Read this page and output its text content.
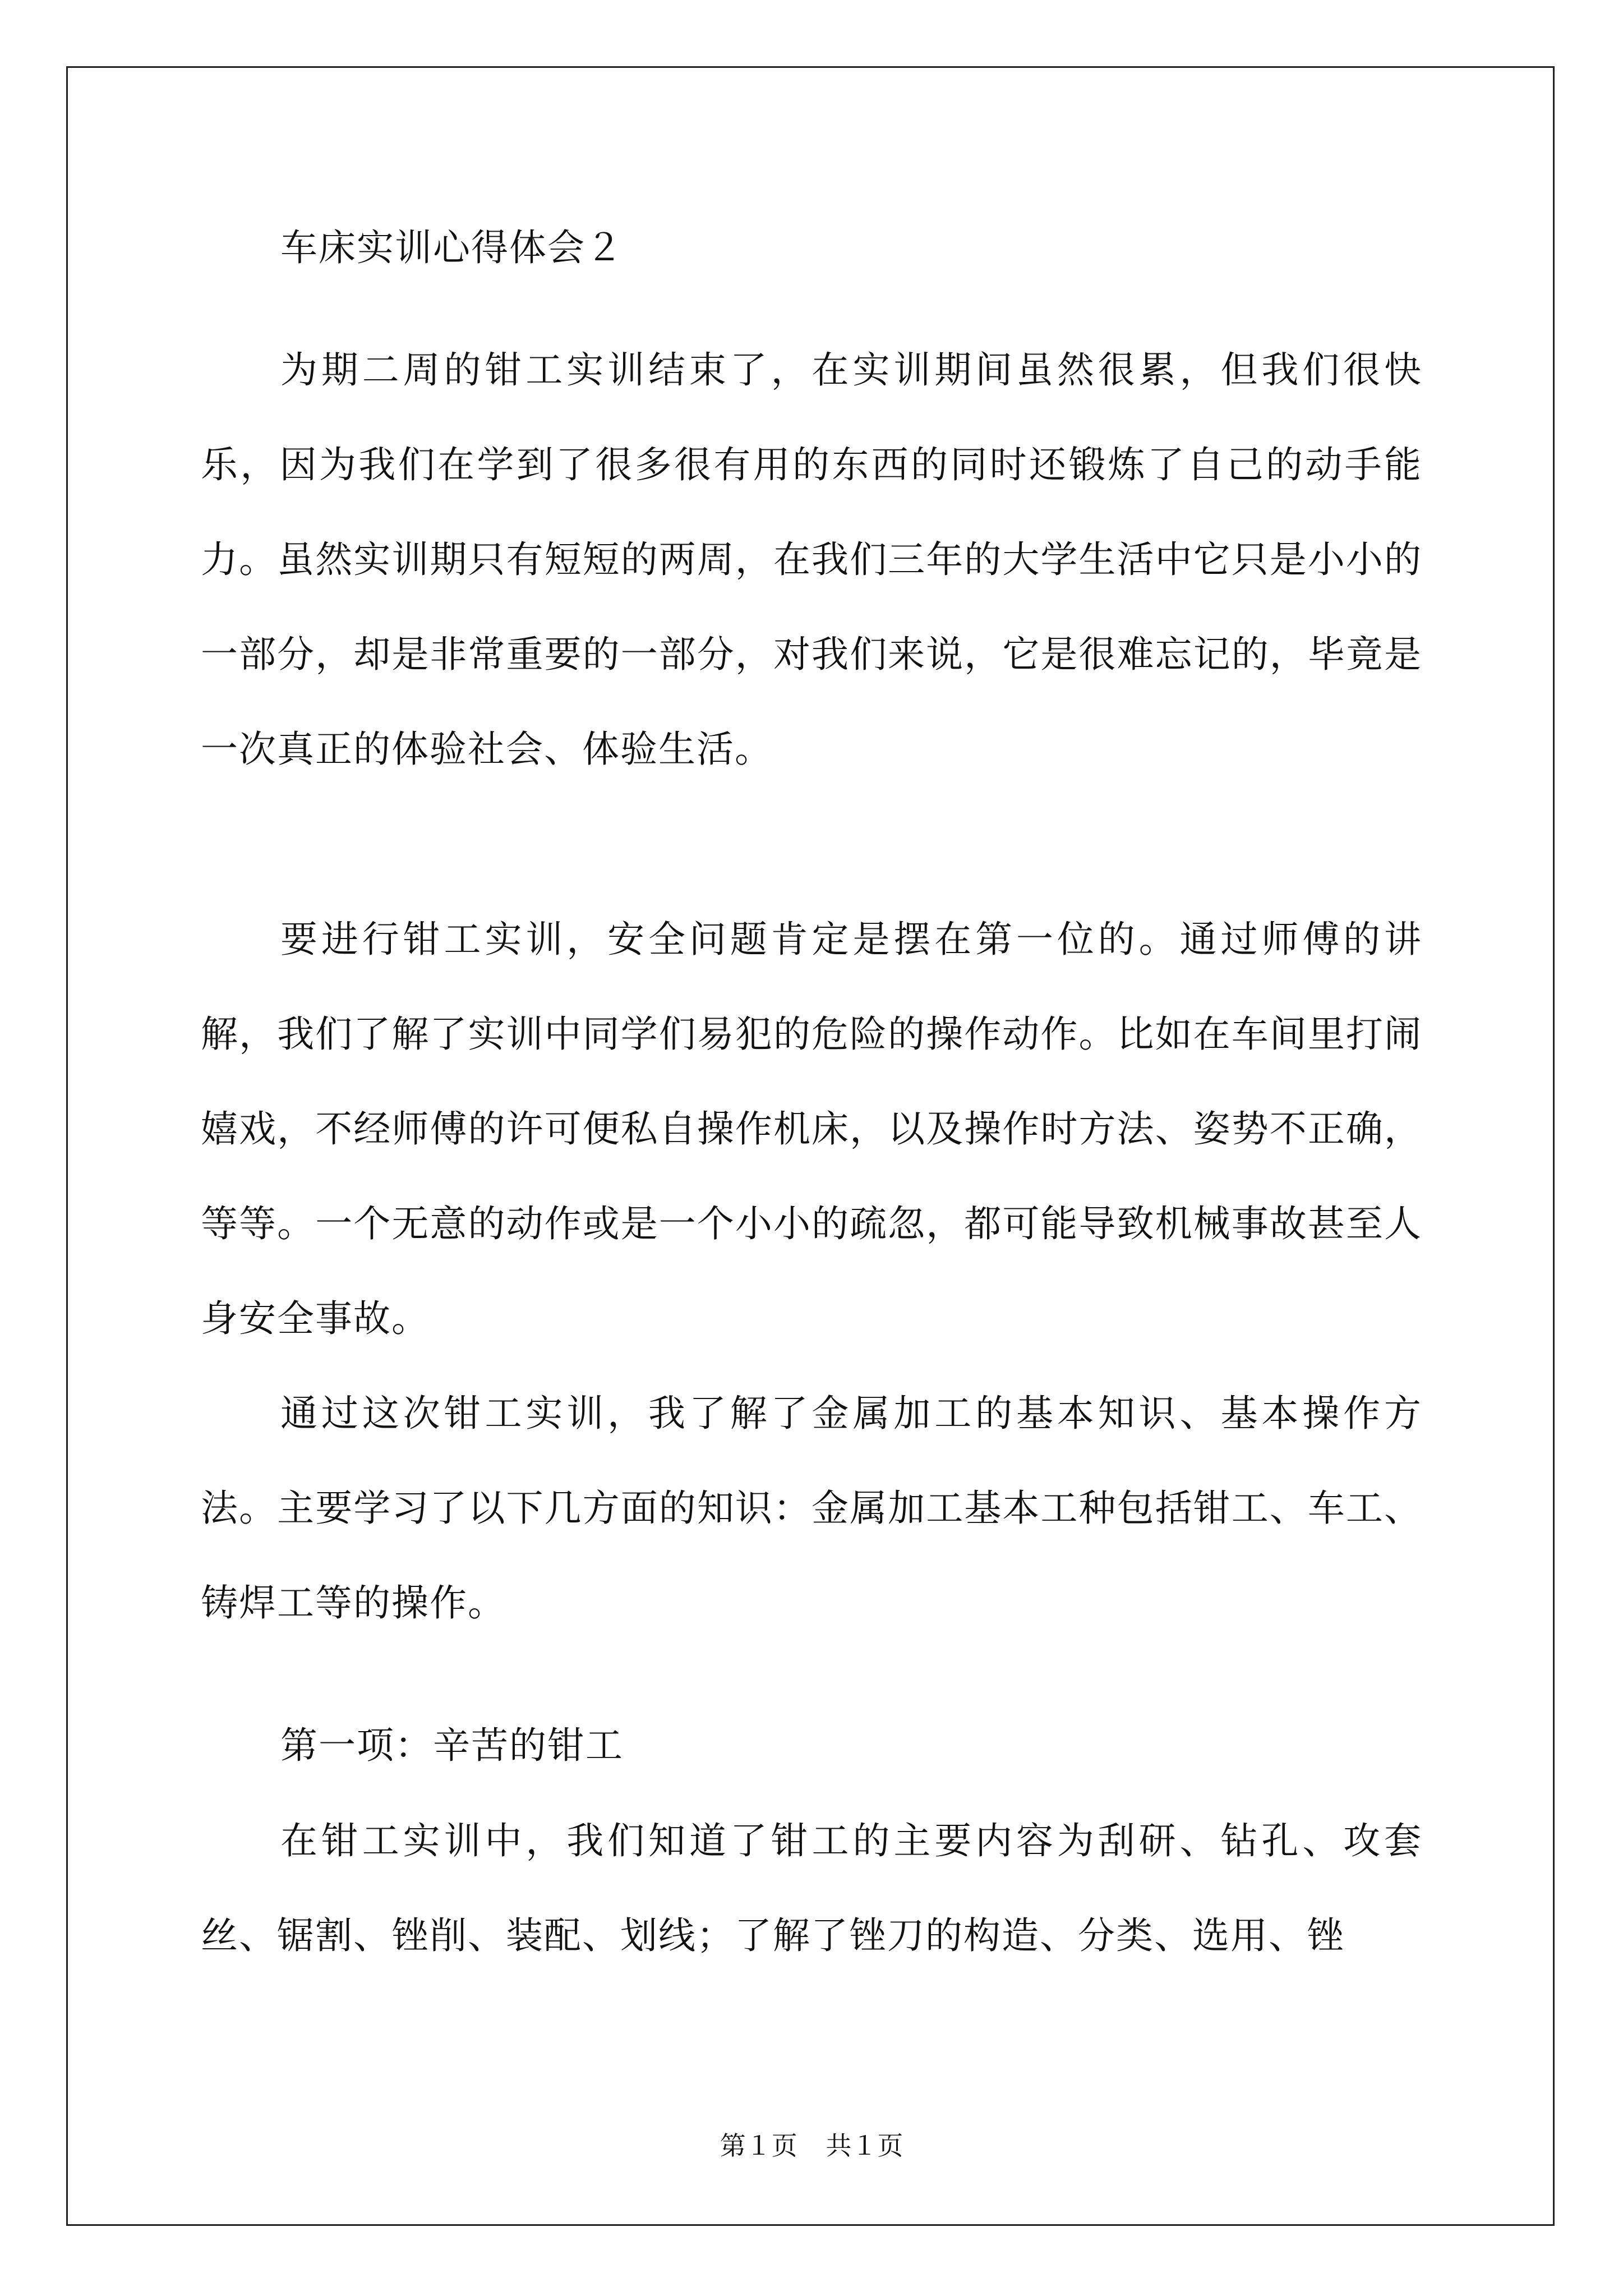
车床实训心得体会２

为期二周的钳工实训结束了，在实训期间虽然很累，但我们很快乐，因为我们在学到了很多很有用的东西的同时还锻炼了自己的动手能力。虽然实训期只有短短的两周，在我们三年的大学生活中它只是小小的一部分，却是非常重要的一部分，对我们来说，它是很难忘记的，毕竟是一次真正的体验社会、体验生活。

要进行钳工实训，安全问题肯定是摆在第一位的。通过师傅的讲解，我们了解了实训中同学们易犯的危险的操作动作。比如在车间里打闹嬉戏，不经师傅的许可便私自操作机床，以及操作时方法、姿势不正确，等等。一个无意的动作或是一个小小的疏忽，都可能导致机械事故甚至人身安全事故。

通过这次钳工实训，我了解了金属加工的基本知识、基本操作方法。主要学习了以下几方面的知识：金属加工基本工种包括钳工、车工、铸焊工等的操作。

第一项：辛苦的钳工

在钳工实训中，我们知道了钳工的主要内容为刮研、钻孔、攻套丝、锯割、锉削、装配、划线；了解了锉刀的构造、分类、选用、锉

第１页 共１页
